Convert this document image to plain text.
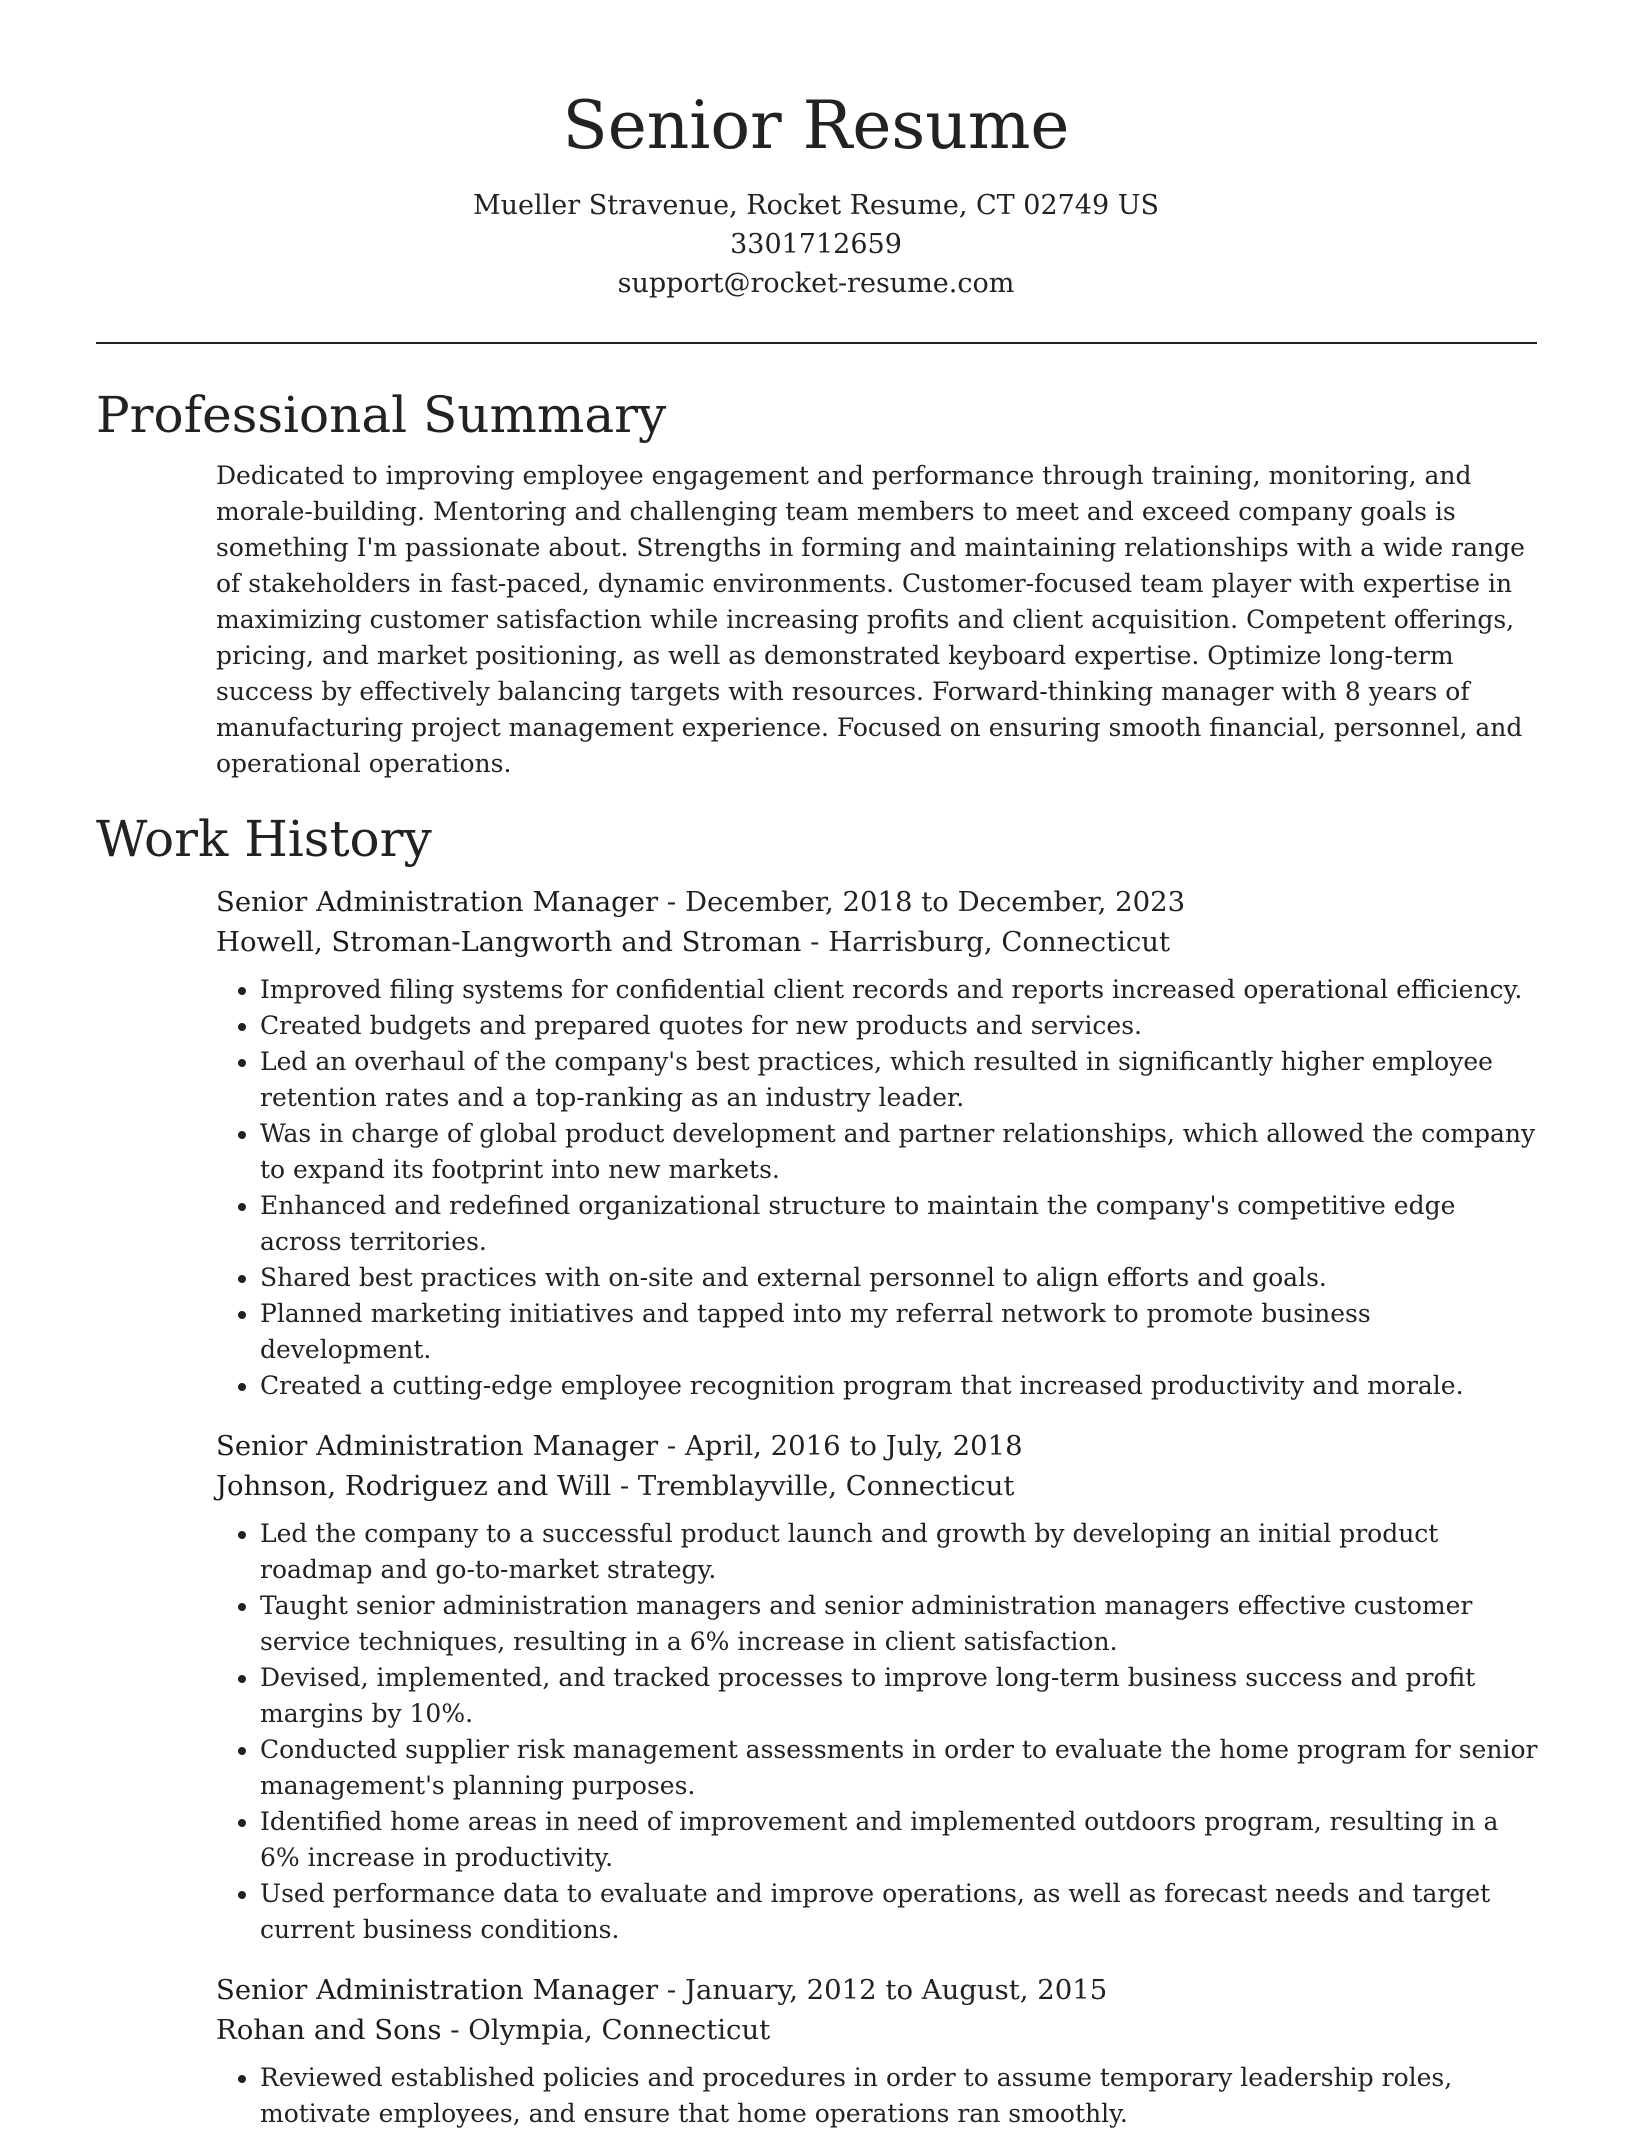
Senior Resume
Mueller Stravenue, Rocket Resume, CT 02749 US
3301712659
support@rocket-resume.com
Professional Summary

Dedicated to improving employee engagement and performance through training, monitoring, and morale-building. Mentoring and challenging team members to meet and exceed company goals is something I'm passionate about. Strengths in forming and maintaining relationships with a wide range of stakeholders in fast-paced, dynamic environments. Customer-focused team player with expertise in maximizing customer satisfaction while increasing profits and client acquisition. Competent offerings, pricing, and market positioning, as well as demonstrated keyboard expertise. Optimize long-term success by effectively balancing targets with resources. Forward-thinking manager with 8 years of manufacturing project management experience. Focused on ensuring smooth financial, personnel, and operational operations.

Work History
Senior Administration Manager - December, 2018 to December, 2023
Howell, Stroman-Langworth and Stroman - Harrisburg, Connecticut
• Improved filing systems for confidential client records and reports increased operational efficiency.
• Created budgets and prepared quotes for new products and services.
• Led an overhaul of the company's best practices, which resulted in significantly higher employee retention rates and a top-ranking as an industry leader.
• Was in charge of global product development and partner relationships, which allowed the company to expand its footprint into new markets.
• Enhanced and redefined organizational structure to maintain the company's competitive edge across territories.
• Shared best practices with on-site and external personnel to align efforts and goals.
• Planned marketing initiatives and tapped into my referral network to promote business development.
• Created a cutting-edge employee recognition program that increased productivity and morale.
Senior Administration Manager - April, 2016 to July, 2018
Johnson, Rodriguez and Will - Tremblayville, Connecticut
• Led the company to a successful product launch and growth by developing an initial product roadmap and go-to-market strategy.
• Taught senior administration managers and senior administration managers effective customer service techniques, resulting in a 6% increase in client satisfaction.
• Devised, implemented, and tracked processes to improve long-term business success and profit margins by 10%.
• Conducted supplier risk management assessments in order to evaluate the home program for senior management's planning purposes.
• Identified home areas in need of improvement and implemented outdoors program, resulting in a 6% increase in productivity.
• Used performance data to evaluate and improve operations, as well as forecast needs and target current business conditions.
Senior Administration Manager - January, 2012 to August, 2015
Rohan and Sons - Olympia, Connecticut
• Reviewed established policies and procedures in order to assume temporary leadership roles, motivate employees, and ensure that home operations ran smoothly.
